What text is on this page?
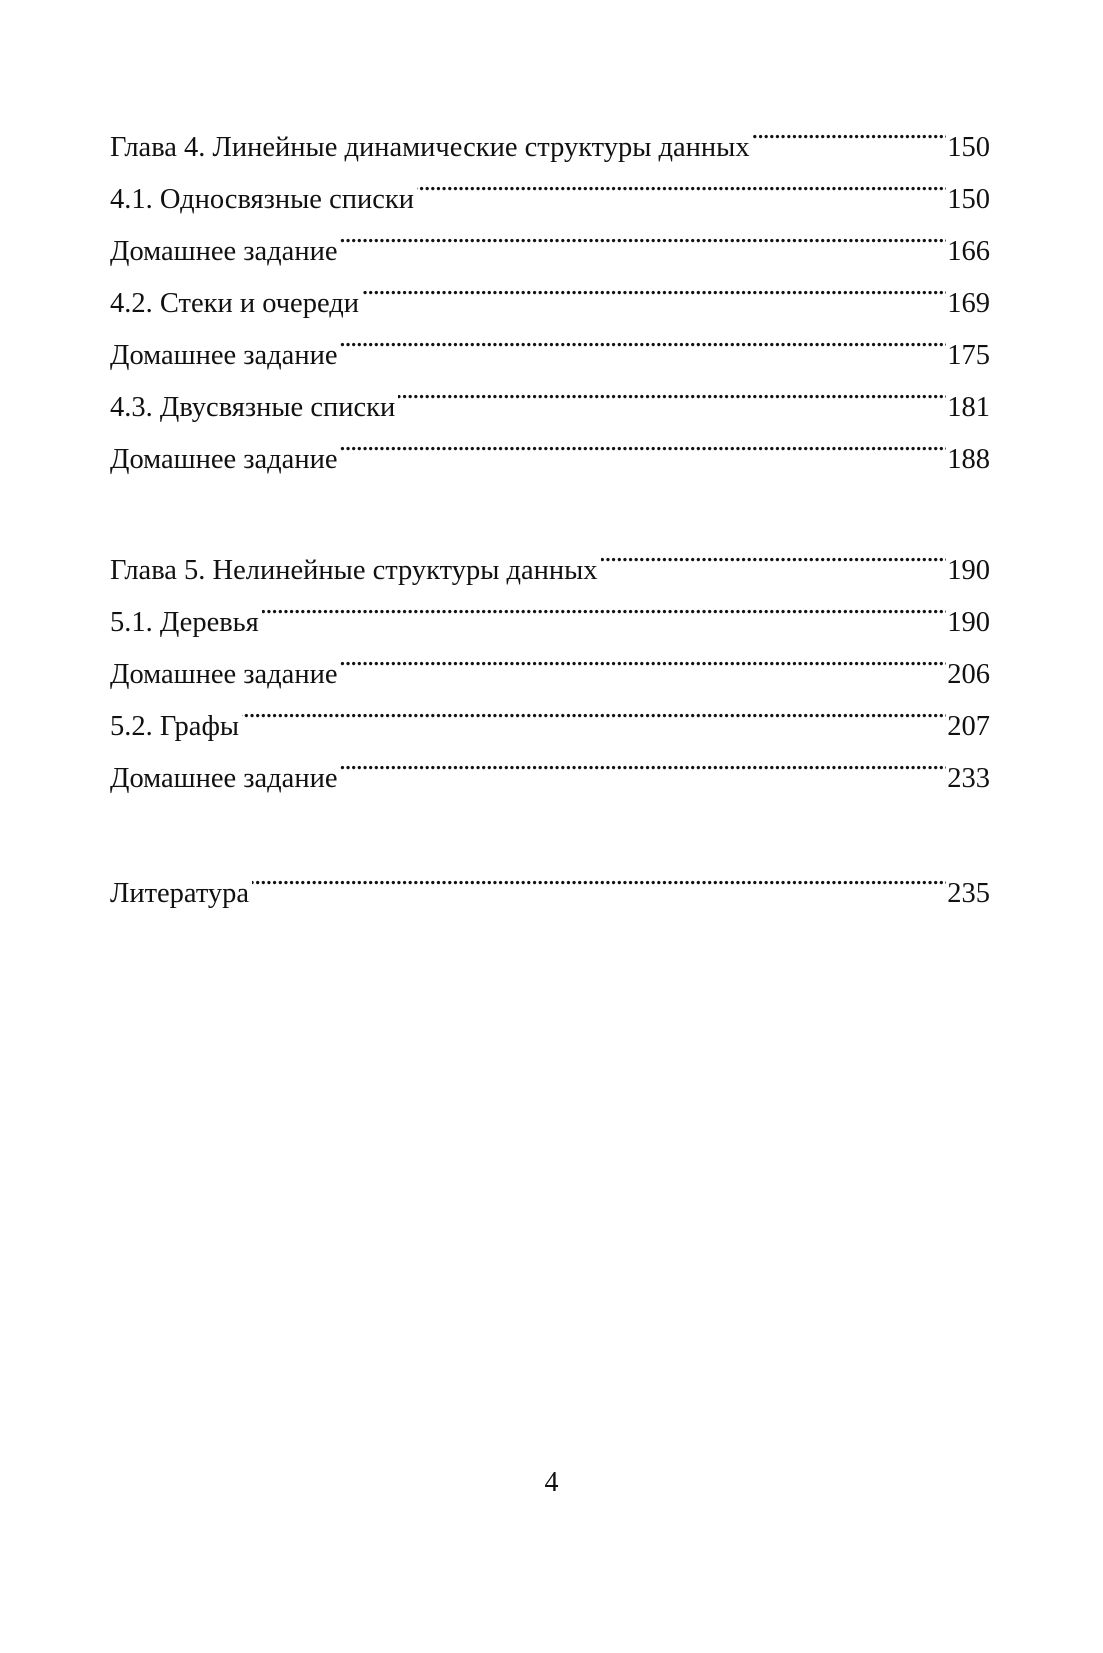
Глава 4. Линейные динамические структуры данных . . .	150
4.1. Односвязные списки . . .	150
Домашнее задание . . .	166
4.2. Стеки и очереди . . .	169
Домашнее задание . . .	175
4.3. Двусвязные списки . . .	181
Домашнее задание . . .	188
Глава 5. Нелинейные структуры данных . . .	190
5.1. Деревья . . .	190
Домашнее задание . . .	206
5.2. Графы . . .	207
Домашнее задание . . .	233
Литература . . .	235
4
